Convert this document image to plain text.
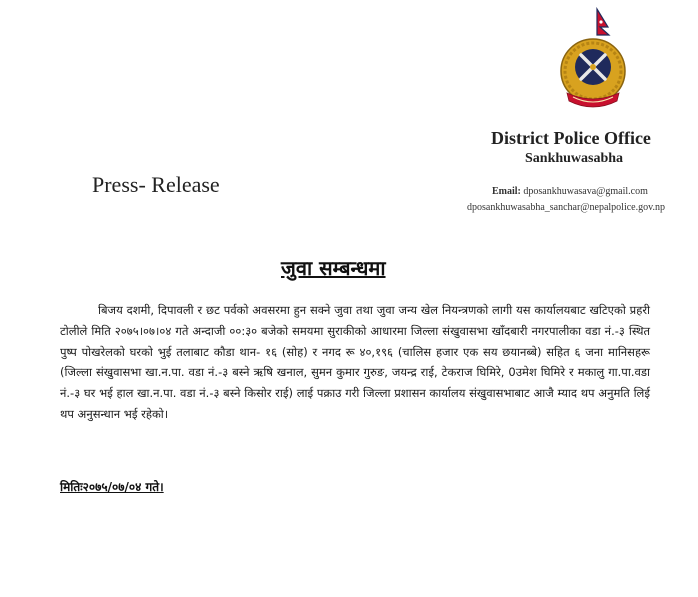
District Police Office
Sankhuwasabha
Press- Release	Email: dposankhuwasava@gmail.com
dposankhuwasabha_sanchar@nepalpolice.gov.np
जुवा सम्बन्धमा
बिजय दशमी, दिपावली र छट पर्वको अवसरमा हुन सक्ने जुवा तथा जुवा जन्य खेल नियन्त्रणको लागी यस कार्यालयबाट खटिएको प्रहरी टोलीले मिति २०७५।०७।०४ गते अन्दाजी ००:३० बजेको समयमा सुराकीको आधारमा जिल्ला संखुवासभा खाँदबारी नगरपालीका वडा नं.-३ स्थित पुष्प पोखरेलको घरको भुई तलाबाट कौडा थान- १६ (सोह) र नगद रू ४०,१९६ (चालिस हजार एक सय छयानब्बे) सहित ६ जना मानिसहरू (जिल्ला संखुवासभा खा.न.पा. वडा नं.-३ बस्ने ऋषि खनाल, सुमन कुमार गुरुङ, जयन्द्र राई, टेकराज घिमिरे, 0उमेश घिमिरे र मकालु गा.पा.वडा नं.-३ घर भई हाल खा.न.पा. वडा नं.-३ बस्ने किसोर राई) लाई पक्राउ गरी जिल्ला प्रशासन कार्यालय संखुवासभाबाट आजै म्याद थप अनुमति लिई थप अनुसन्धान भई रहेको।
मितिः२०७५/०७/०४ गते।
